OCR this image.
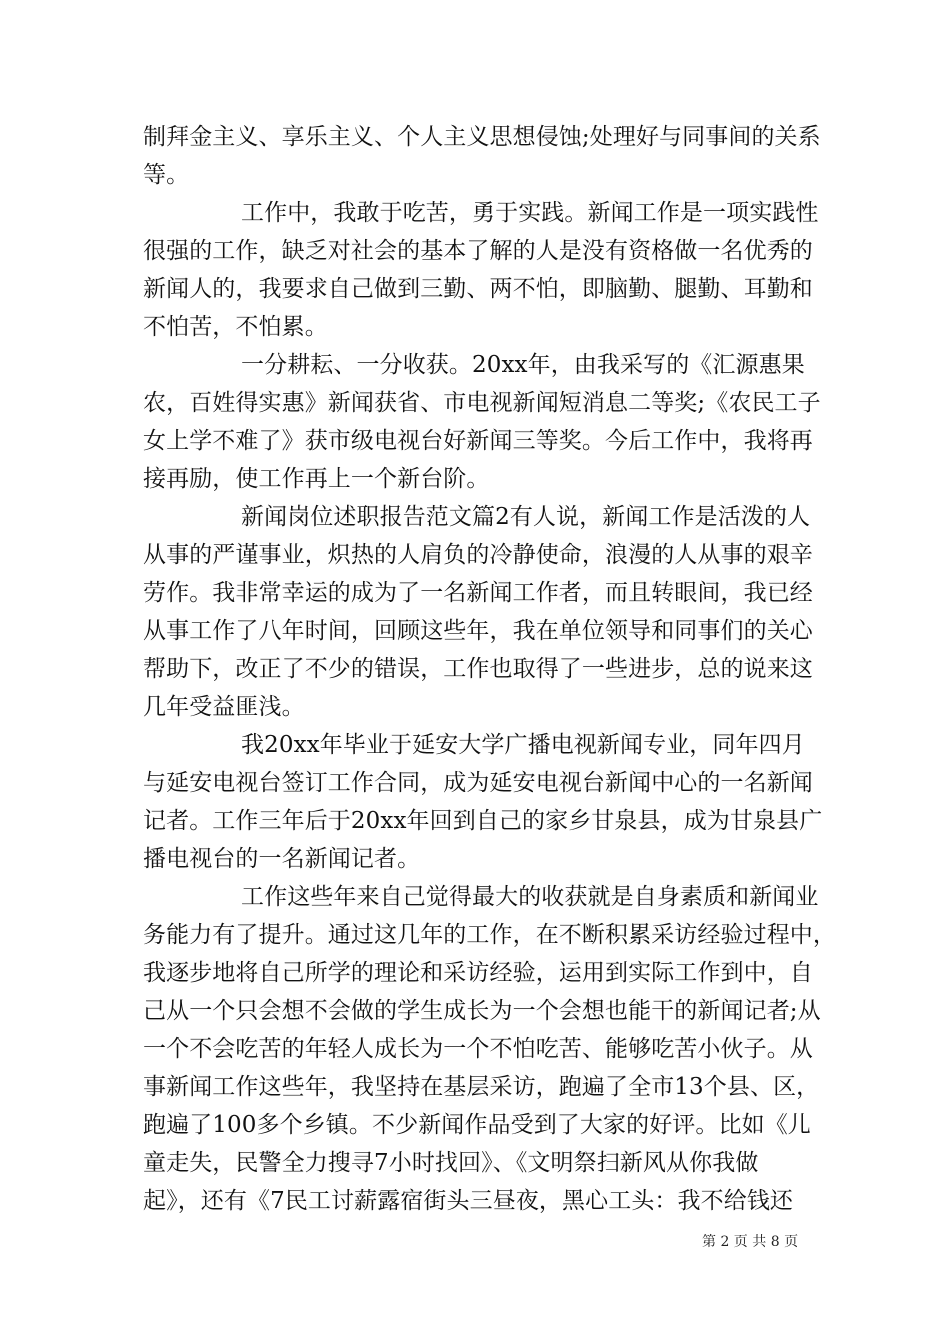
制拜金主义、享乐主义、个人主义思想侵蚀;处理好与同事间的关系
等。
工作中，我敢于吃苦，勇于实践。新闻工作是一项实践性
很强的工作，缺乏对社会的基本了解的人是没有资格做一名优秀的
新闻人的，我要求自己做到三勤、两不怕，即脑勤、腿勤、耳勤和
不怕苦，不怕累。
一分耕耘、一分收获。20xx年，由我采写的《汇源惠果
农，百姓得实惠》新闻获省、市电视新闻短消息二等奖;《农民工子
女上学不难了》获市级电视台好新闻三等奖。今后工作中，我将再
接再励，使工作再上一个新台阶。
新闻岗位述职报告范文篇2有人说，新闻工作是活泼的人
从事的严谨事业，炽热的人肩负的冷静使命，浪漫的人从事的艰辛
劳作。我非常幸运的成为了一名新闻工作者，而且转眼间，我已经
从事工作了八年时间，回顾这些年，我在单位领导和同事们的关心
帮助下，改正了不少的错误，工作也取得了一些进步，总的说来这
几年受益匪浅。
我20xx年毕业于延安大学广播电视新闻专业，同年四月
与延安电视台签订工作合同，成为延安电视台新闻中心的一名新闻
记者。工作三年后于20xx年回到自己的家乡甘泉县，成为甘泉县广
播电视台的一名新闻记者。
工作这些年来自己觉得最大的收获就是自身素质和新闻业
务能力有了提升。通过这几年的工作，在不断积累采访经验过程中，
我逐步地将自己所学的理论和采访经验，运用到实际工作到中，自
己从一个只会想不会做的学生成长为一个会想也能干的新闻记者;从
一个不会吃苦的年轻人成长为一个不怕吃苦、能够吃苦小伙子。从
事新闻工作这些年，我坚持在基层采访，跑遍了全市13个县、区，
跑遍了100多个乡镇。不少新闻作品受到了大家的好评。比如《儿
童走失，民警全力搜寻7小时找回》、《文明祭扫新风从你我做
起》，还有《7民工讨薪露宿街头三昼夜，黑心工头：我不给钱还
第 2 页 共 8 页
